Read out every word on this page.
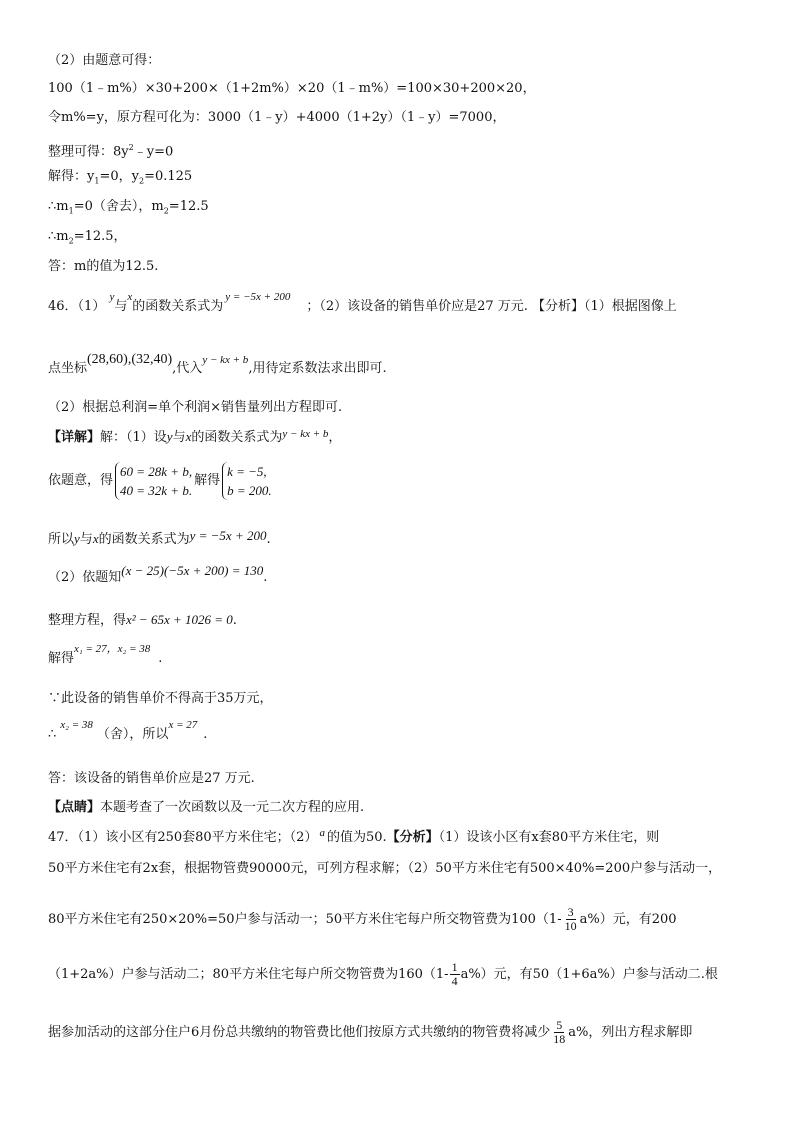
（2）由题意可得：
100（1﹣m%）×30+200×（1+2m%）×20（1﹣m%）=100×30+200×20，
令m%=y，原方程可化为：3000（1﹣y）+4000（1+2y）（1﹣y）=7000，
整理可得：$8y^2﹣y=0$
解得：$y_1=0$，$y_2=0.125$
$\therefore m_1=0$（舍去），$m_2=12.5$
$\therefore m_2=12.5$，
答：m的值为12.5.
46．（1） $^y$与$^x$的函数关系式为$^{y = -5x + 200}$；（2）该设备的销售单价应是27 万元. 【分析】（1）根据图像上
点坐标(28,60),(32,40),代入$^{y - kx + b}$,用待定系数法求出即可.
（2）根据总利润=单个利润×销售量列出方程即可.
【详解】解：（1）设y与x的函数关系式为$^{y - kx + b}$，
依题意，得60 = 28k + b,
40 = 32k + b.解得k = −5,
b = 200.
所以y与x的函数关系式为y = −5x + 200.
（2）依题知(x − 25)(−5x + 200) = 130.
整理方程，得x² − 65x + 1026 = 0.
解得$^{x_1 = 27,x_2 = 38}$.
∵此设备的销售单价不得高于35万元，
∴$^{x_2 = 38}$（舍），所以$^{x = 27}$.
答：该设备的销售单价应是27 万元.
【点睛】本题考查了一次函数以及一元二次方程的应用.
47．（1）该小区有250套80平方米住宅；（2） $^a$ 的值为50.【分析】（1）设该小区有x套80平方米住宅，则
50平方米住宅有2x套，根据物管费90000元，可列方程求解；（2）50平方米住宅有500×40%=200户参与活动一，
80平方米住宅有250×20%=50户参与活动一；50平方米住宅每户所交物管费为$100(1- \frac{3}{10} a\%)$元，有200
（1+2a%）户参与活动二；80平方米住宅每户所交物管费为$160(1- \frac{1}{4} a\%)$元，有50（1+6a%）户参与活动二.根
据参加活动的这部分住户6月份总共缴纳的物管费比他们按原方式共缴纳的物管费将减少 $\frac{5}{18} a\%$，列出方程求解即
